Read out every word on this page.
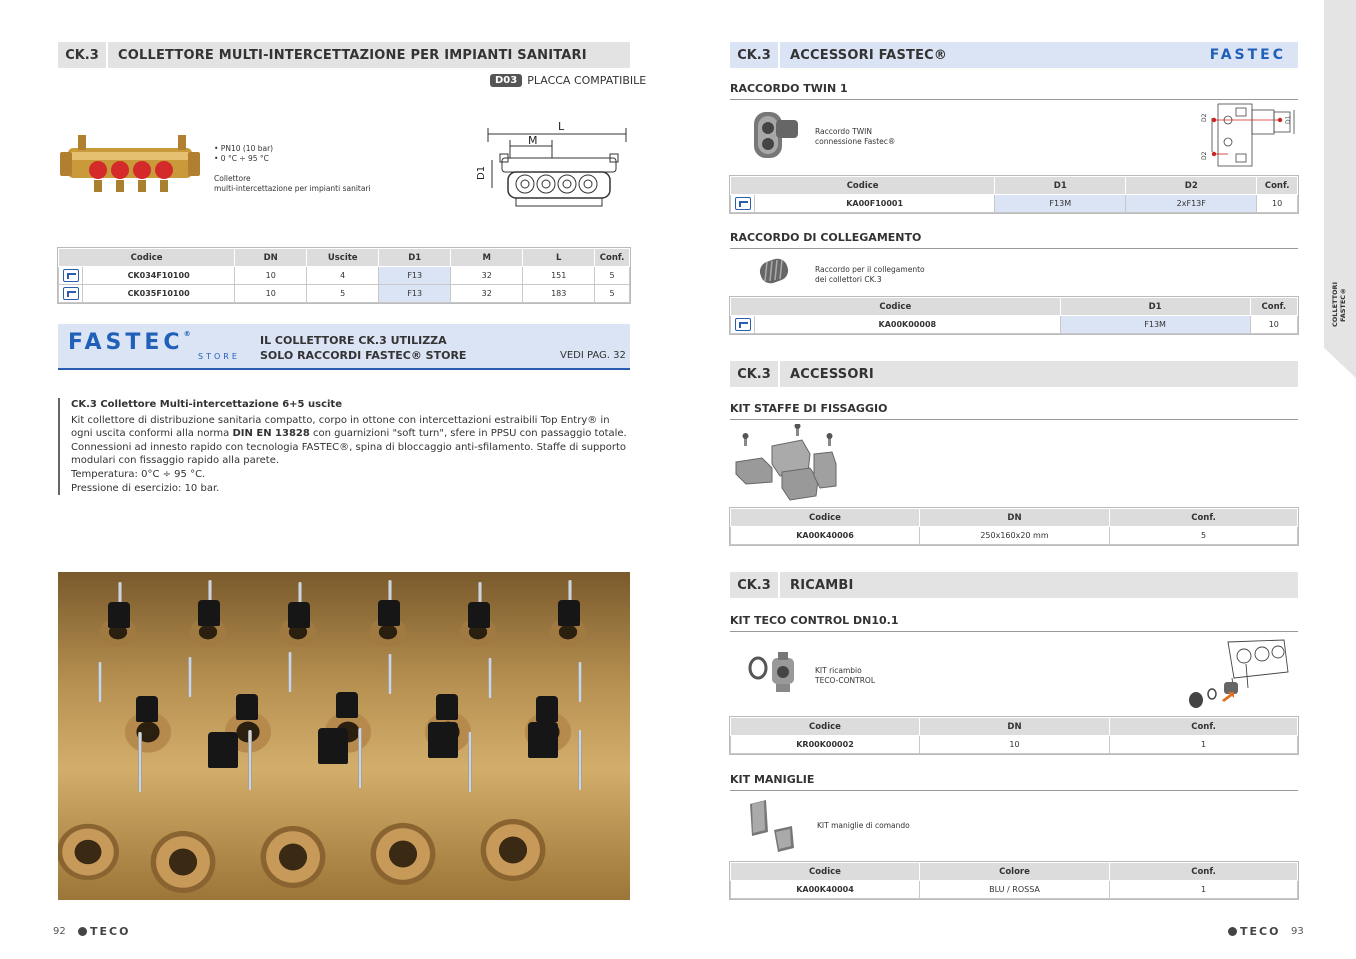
CK.3	COLLETTORE MULTI-INTERCETTAZIONE PER IMPIANTI SANITARI
D03 PLACCA COMPATIBILE
• PN10 (10 bar)
• 0 °C ÷ 95 °C
Collettore
multi-intercettazione per impianti sanitari
L
M
D1
Codice		DN	Uscite	D1	M	L	Conf.
	CK034F10100	10	4	F13	32	151	5
	CK035F10100	10	5	F13	32	183	5
FASTEC®
STORE
IL COLLETTORE CK.3 UTILIZZA
SOLO RACCORDI FASTEC® STORE	VEDI PAG. 32
CK.3 Collettore Multi-intercettazione 6+5 uscite
Kit collettore di distribuzione sanitaria compatto, corpo in ottone con intercettazioni estraibili Top Entry® in ogni uscita conformi alla norma DIN EN 13828 con guarnizioni "soft turn", sfere in PPSU con passaggio totale. Connessioni ad innesto rapido con tecnologia FASTEC®, spina di bloccaggio anti-sfilamento. Staffe di supporto modulari con fissaggio rapido alla parete.
Temperatura: 0°C ÷ 95 °C.
Pressione di esercizio: 10 bar.
92	TECO
CK.3	ACCESSORI FASTEC®	FASTEC
RACCORDO TWIN 1
Raccordo TWIN
connessione Fastec®
D2
D2
D1
Codice		D1	D2	Conf.
	KA00F10001	F13M	2xF13F	10
RACCORDO DI COLLEGAMENTO
Raccordo per il collegamento
dei collettori CK.3
Codice		D1	Conf.
	KA00K00008	F13M	10
CK.3	ACCESSORI
KIT STAFFE DI FISSAGGIO
Codice	DN	Conf.
KA00K40006	250x160x20 mm	5
CK.3	RICAMBI
KIT TECO CONTROL DN10.1
KIT ricambio
TECO-CONTROL
Codice	DN	Conf.
KR00K00002	10	1
KIT MANIGLIE
KIT maniglie di comando
Codice	Colore	Conf.
KA00K40004	BLU / ROSSA	1
COLLETTORI
FASTEC®
TECO 93
